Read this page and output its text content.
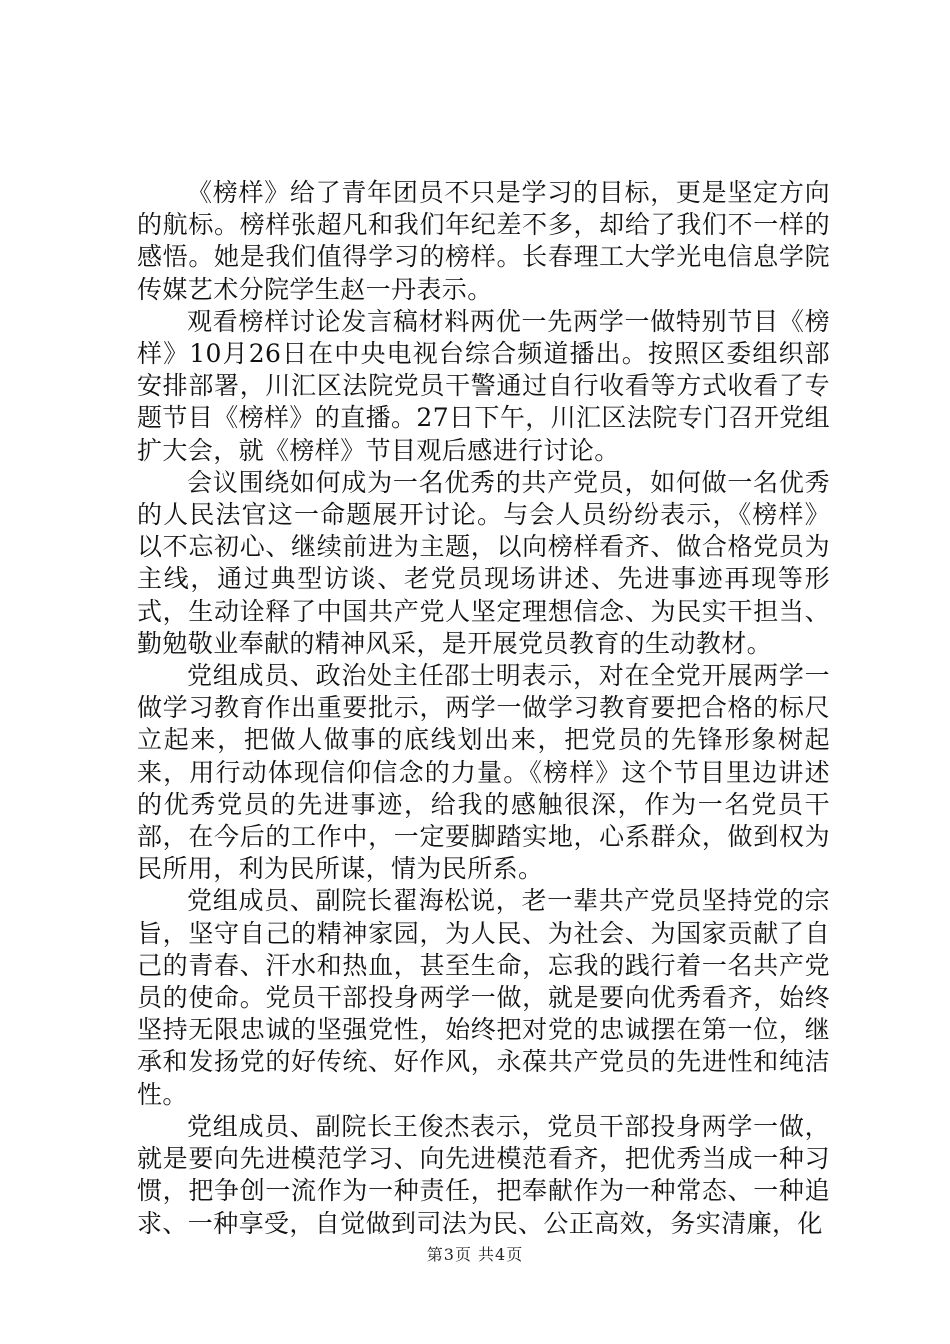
《榜样》给了青年团员不只是学习的目标，更是坚定方向的航标。榜样张超凡和我们年纪差不多，却给了我们不一样的感悟。她是我们值得学习的榜样。长春理工大学光电信息学院传媒艺术分院学生赵一丹表示。

观看榜样讨论发言稿材料两优一先两学一做特别节目《榜样》10月26日在中央电视台综合频道播出。按照区委组织部安排部署，川汇区法院党员干警通过自行收看等方式收看了专题节目《榜样》的直播。27日下午，川汇区法院专门召开党组扩大会，就《榜样》节目观后感进行讨论。

会议围绕如何成为一名优秀的共产党员，如何做一名优秀的人民法官这一命题展开讨论。与会人员纷纷表示，《榜样》以不忘初心、继续前进为主题，以向榜样看齐、做合格党员为主线，通过典型访谈、老党员现场讲述、先进事迹再现等形式，生动诠释了中国共产党人坚定理想信念、为民实干担当、勤勉敬业奉献的精神风采，是开展党员教育的生动教材。

党组成员、政治处主任邵士明表示，对在全党开展两学一做学习教育作出重要批示，两学一做学习教育要把合格的标尺立起来，把做人做事的底线划出来，把党员的先锋形象树起来，用行动体现信仰信念的力量。《榜样》这个节目里边讲述的优秀党员的先进事迹，给我的感触很深，作为一名党员干部，在今后的工作中，一定要脚踏实地，心系群众，做到权为民所用，利为民所谋，情为民所系。

党组成员、副院长翟海松说，老一辈共产党员坚持党的宗旨，坚守自己的精神家园，为人民、为社会、为国家贡献了自己的青春、汗水和热血，甚至生命，忘我的践行着一名共产党员的使命。党员干部投身两学一做，就是要向优秀看齐，始终坚持无限忠诚的坚强党性，始终把对党的忠诚摆在第一位，继承和发扬党的好传统、好作风，永葆共产党员的先进性和纯洁性。

党组成员、副院长王俊杰表示，党员干部投身两学一做，就是要向先进模范学习、向先进模范看齐，把优秀当成一种习惯，把争创一流作为一种责任，把奉献作为一种常态、一种追求、一种享受，自觉做到司法为民、公正高效，务实清廉，化

第3页 共4页
